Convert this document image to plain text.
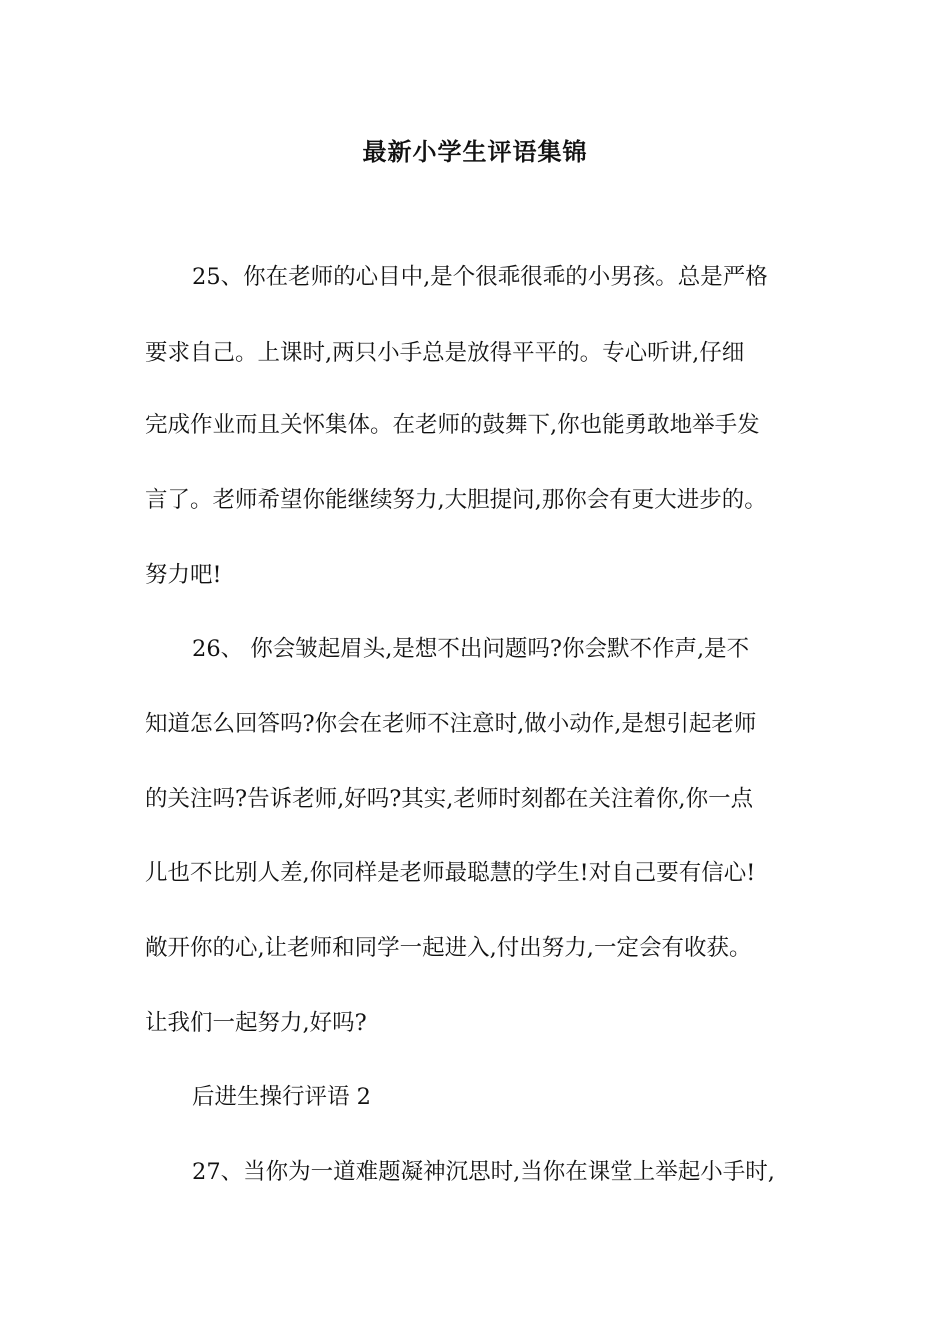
最新小学生评语集锦
25、你在老师的心目中,是个很乖很乖的小男孩。总是严格
要求自己。上课时,两只小手总是放得平平的。专心听讲,仔细
完成作业而且关怀集体。在老师的鼓舞下,你也能勇敢地举手发
言了。老师希望你能继续努力,大胆提问,那你会有更大进步的。
努力吧!
26、 你会皱起眉头,是想不出问题吗?你会默不作声,是不
知道怎么回答吗?你会在老师不注意时,做小动作,是想引起老师
的关注吗?告诉老师,好吗?其实,老师时刻都在关注着你,你一点
儿也不比别人差,你同样是老师最聪慧的学生!对自己要有信心!
敞开你的心,让老师和同学一起进入,付出努力,一定会有收获。
让我们一起努力,好吗?
后进生操行评语 2
27、当你为一道难题凝神沉思时,当你在课堂上举起小手时,
